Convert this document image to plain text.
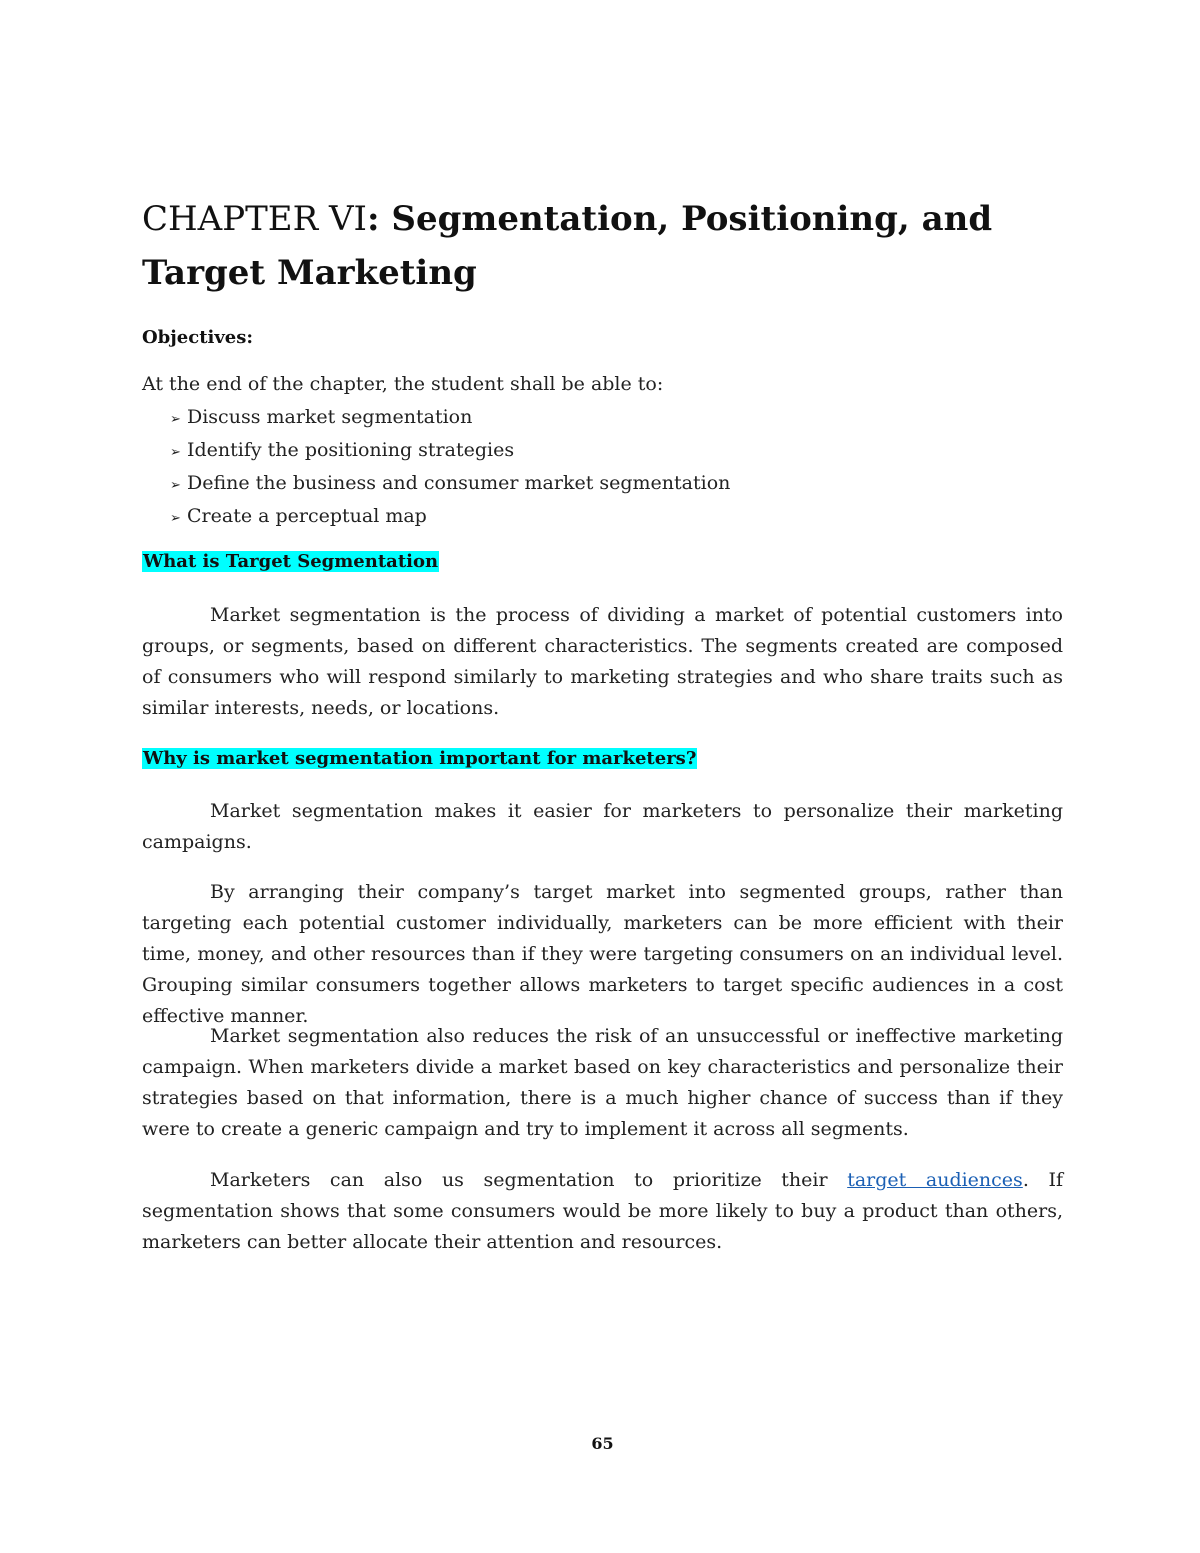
CHAPTER VI: Segmentation, Positioning, and Target Marketing

Objectives:

At the end of the chapter, the student shall be able to:

➢ Discuss market segmentation
➢ Identify the positioning strategies
➢ Define the business and consumer market segmentation
➢ Create a perceptual map

What is Target Segmentation

Market segmentation is the process of dividing a market of potential customers into groups, or segments, based on different characteristics. The segments created are composed of consumers who will respond similarly to marketing strategies and who share traits such as similar interests, needs, or locations.

Why is market segmentation important for marketers?

Market segmentation makes it easier for marketers to personalize their marketing campaigns.

By arranging their company’s target market into segmented groups, rather than targeting each potential customer individually, marketers can be more efficient with their time, money, and other resources than if they were targeting consumers on an individual level. Grouping similar consumers together allows marketers to target specific audiences in a cost effective manner.

Market segmentation also reduces the risk of an unsuccessful or ineffective marketing campaign. When marketers divide a market based on key characteristics and personalize their strategies based on that information, there is a much higher chance of success than if they were to create a generic campaign and try to implement it across all segments.

Marketers can also us segmentation to prioritize their target audiences. If segmentation shows that some consumers would be more likely to buy a product than others, marketers can better allocate their attention and resources.

65
